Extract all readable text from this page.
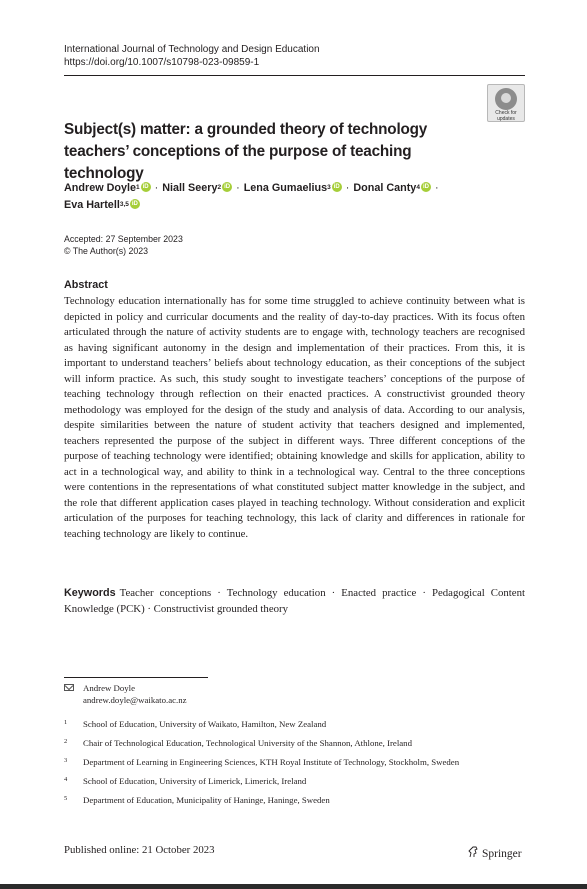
International Journal of Technology and Design Education
https://doi.org/10.1007/s10798-023-09859-1
Check for
updates
Subject(s) matter: a grounded theory of technology teachers’ conceptions of the purpose of teaching technology
Andrew Doyle$^1$ iD · Niall Seery$^2$ iD · Lena Gumaelius$^3$ iD · Donal Canty$^4$ iD ·
Eva Hartell$^{3,5}$ iD
Accepted: 27 September 2023
© The Author(s) 2023
Abstract

Technology education internationally has for some time struggled to achieve continuity between what is depicted in policy and curricular documents and the reality of day-to-day practices. With its focus often articulated through the nature of activity students are to engage with, technology teachers are recognised as having significant autonomy in the design and implementation of their practices. From this, it is important to understand teachers’ beliefs about technology education, as their conceptions of the subject will inform practice. As such, this study sought to investigate teachers’ conceptions of the purpose of teaching technology through reflection on their enacted practices. A constructivist grounded theory methodology was employed for the design of the study and analysis of data. According to our analysis, despite similarities between the nature of student activity that teachers designed and implemented, teachers represented the purpose of the subject in different ways. Three different conceptions of the purpose of teaching technology were identified; obtaining knowledge and skills for application, ability to act in a technological way, and ability to think in a technological way. Central to the three conceptions were contentions in the representations of what constituted subject matter knowledge in the subject, and the role that different application cases played in teaching technology. Without consideration and explicit articulation of the purposes for teaching technology, this lack of clarity and differences in rationale for teaching technology are likely to continue.

Keywords Teacher conceptions · Technology education · Enacted practice · Pedagogical Content Knowledge (PCK) · Constructivist grounded theory

Andrew Doyle
andrew.doyle@waikato.ac.nz
1 School of Education, University of Waikato, Hamilton, New Zealand
2 Chair of Technological Education, Technological University of the Shannon, Athlone, Ireland
3 Department of Learning in Engineering Sciences, KTH Royal Institute of Technology, Stockholm, Sweden
4 School of Education, University of Limerick, Limerick, Ireland
5 Department of Education, Municipality of Haninge, Haninge, Sweden
Published online: 21 October 2023	Springer
